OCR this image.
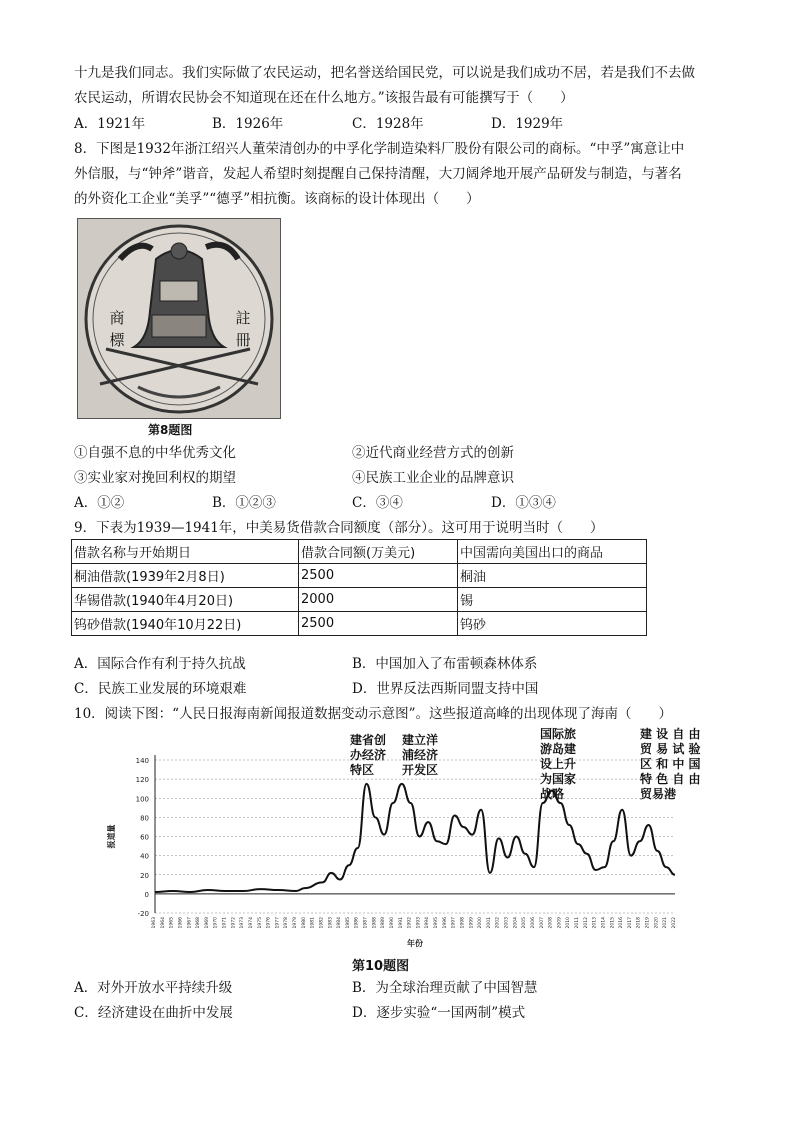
十九是我们同志。我们实际做了农民运动，把名誉送给国民党，可以说是我们成功不居，若是我们不去做
农民运动，所谓农民协会不知道现在还在什么地方。”该报告最有可能撰写于（　　）
A．1921年	B．1926年	C．1928年	D．1929年
8．下图是1932年浙江绍兴人董荣清创办的中孚化学制造染料厂股份有限公司的商标。“中孚”寓意让中
外信服，与“钟斧”谐音，发起人希望时刻提醒自己保持清醒，大刀阔斧地开展产品研发与制造，与著名
的外资化工企业“美孚”“德孚”相抗衡。该商标的设计体现出（　　）
商標
註冊
第8题图
①自强不息的中华优秀文化	②近代商业经营方式的创新
③实业家对挽回利权的期望	④民族工业企业的品牌意识
A．①②	B．①②③	C．③④	D．①③④
9．下表为1939—1941年，中美易货借款合同额度（部分）。这可用于说明当时（　　）
借款名称与开始期日	借款合同额(万美元)	中国需向美国出口的商品
桐油借款(1939年2月8日)	2500	桐油
华锡借款(1940年4月20日)	2000	锡
钨砂借款(1940年10月22日)	2500	钨砂
A．国际合作有利于持久抗战	B．中国加入了布雷顿森林体系
C．民族工业发展的环境艰难	D．世界反法西斯同盟支持中国
10．阅读下图：“人民日报海南新闻报道数据变动示意图”。这些报道高峰的出现体现了海南（　　）
-20
0
20
40
60
80
100
120
140
1963 1964 1965 1966 1967 1968 1969 1970 1971 1972 1973 1974 1975 1976 1977 1978 1979 1980 1981 1982 1983 1984 1985 1986 1987 1988 1989 1990 1991 1992 1993 1994 1995 1996 1997 1998 1999 2000 2001 2002 2003 2004 2005 2006 2007 2008 2009 2010 2011 2012 2013 2014 2015 2016 2017 2018 2019 2020 2021 2022
报道量
年份
建省创
办经济
特区
建立洋
浦经济
开发区
国际旅
游岛建
设上升
为国家
战略
建 设 自 由
贸 易 试 验
区 和 中 国
特 色 自 由
贸易港
第10题图
A．对外开放水平持续升级	B．为全球治理贡献了中国智慧
C．经济建设在曲折中发展	D．逐步实验“一国两制”模式
